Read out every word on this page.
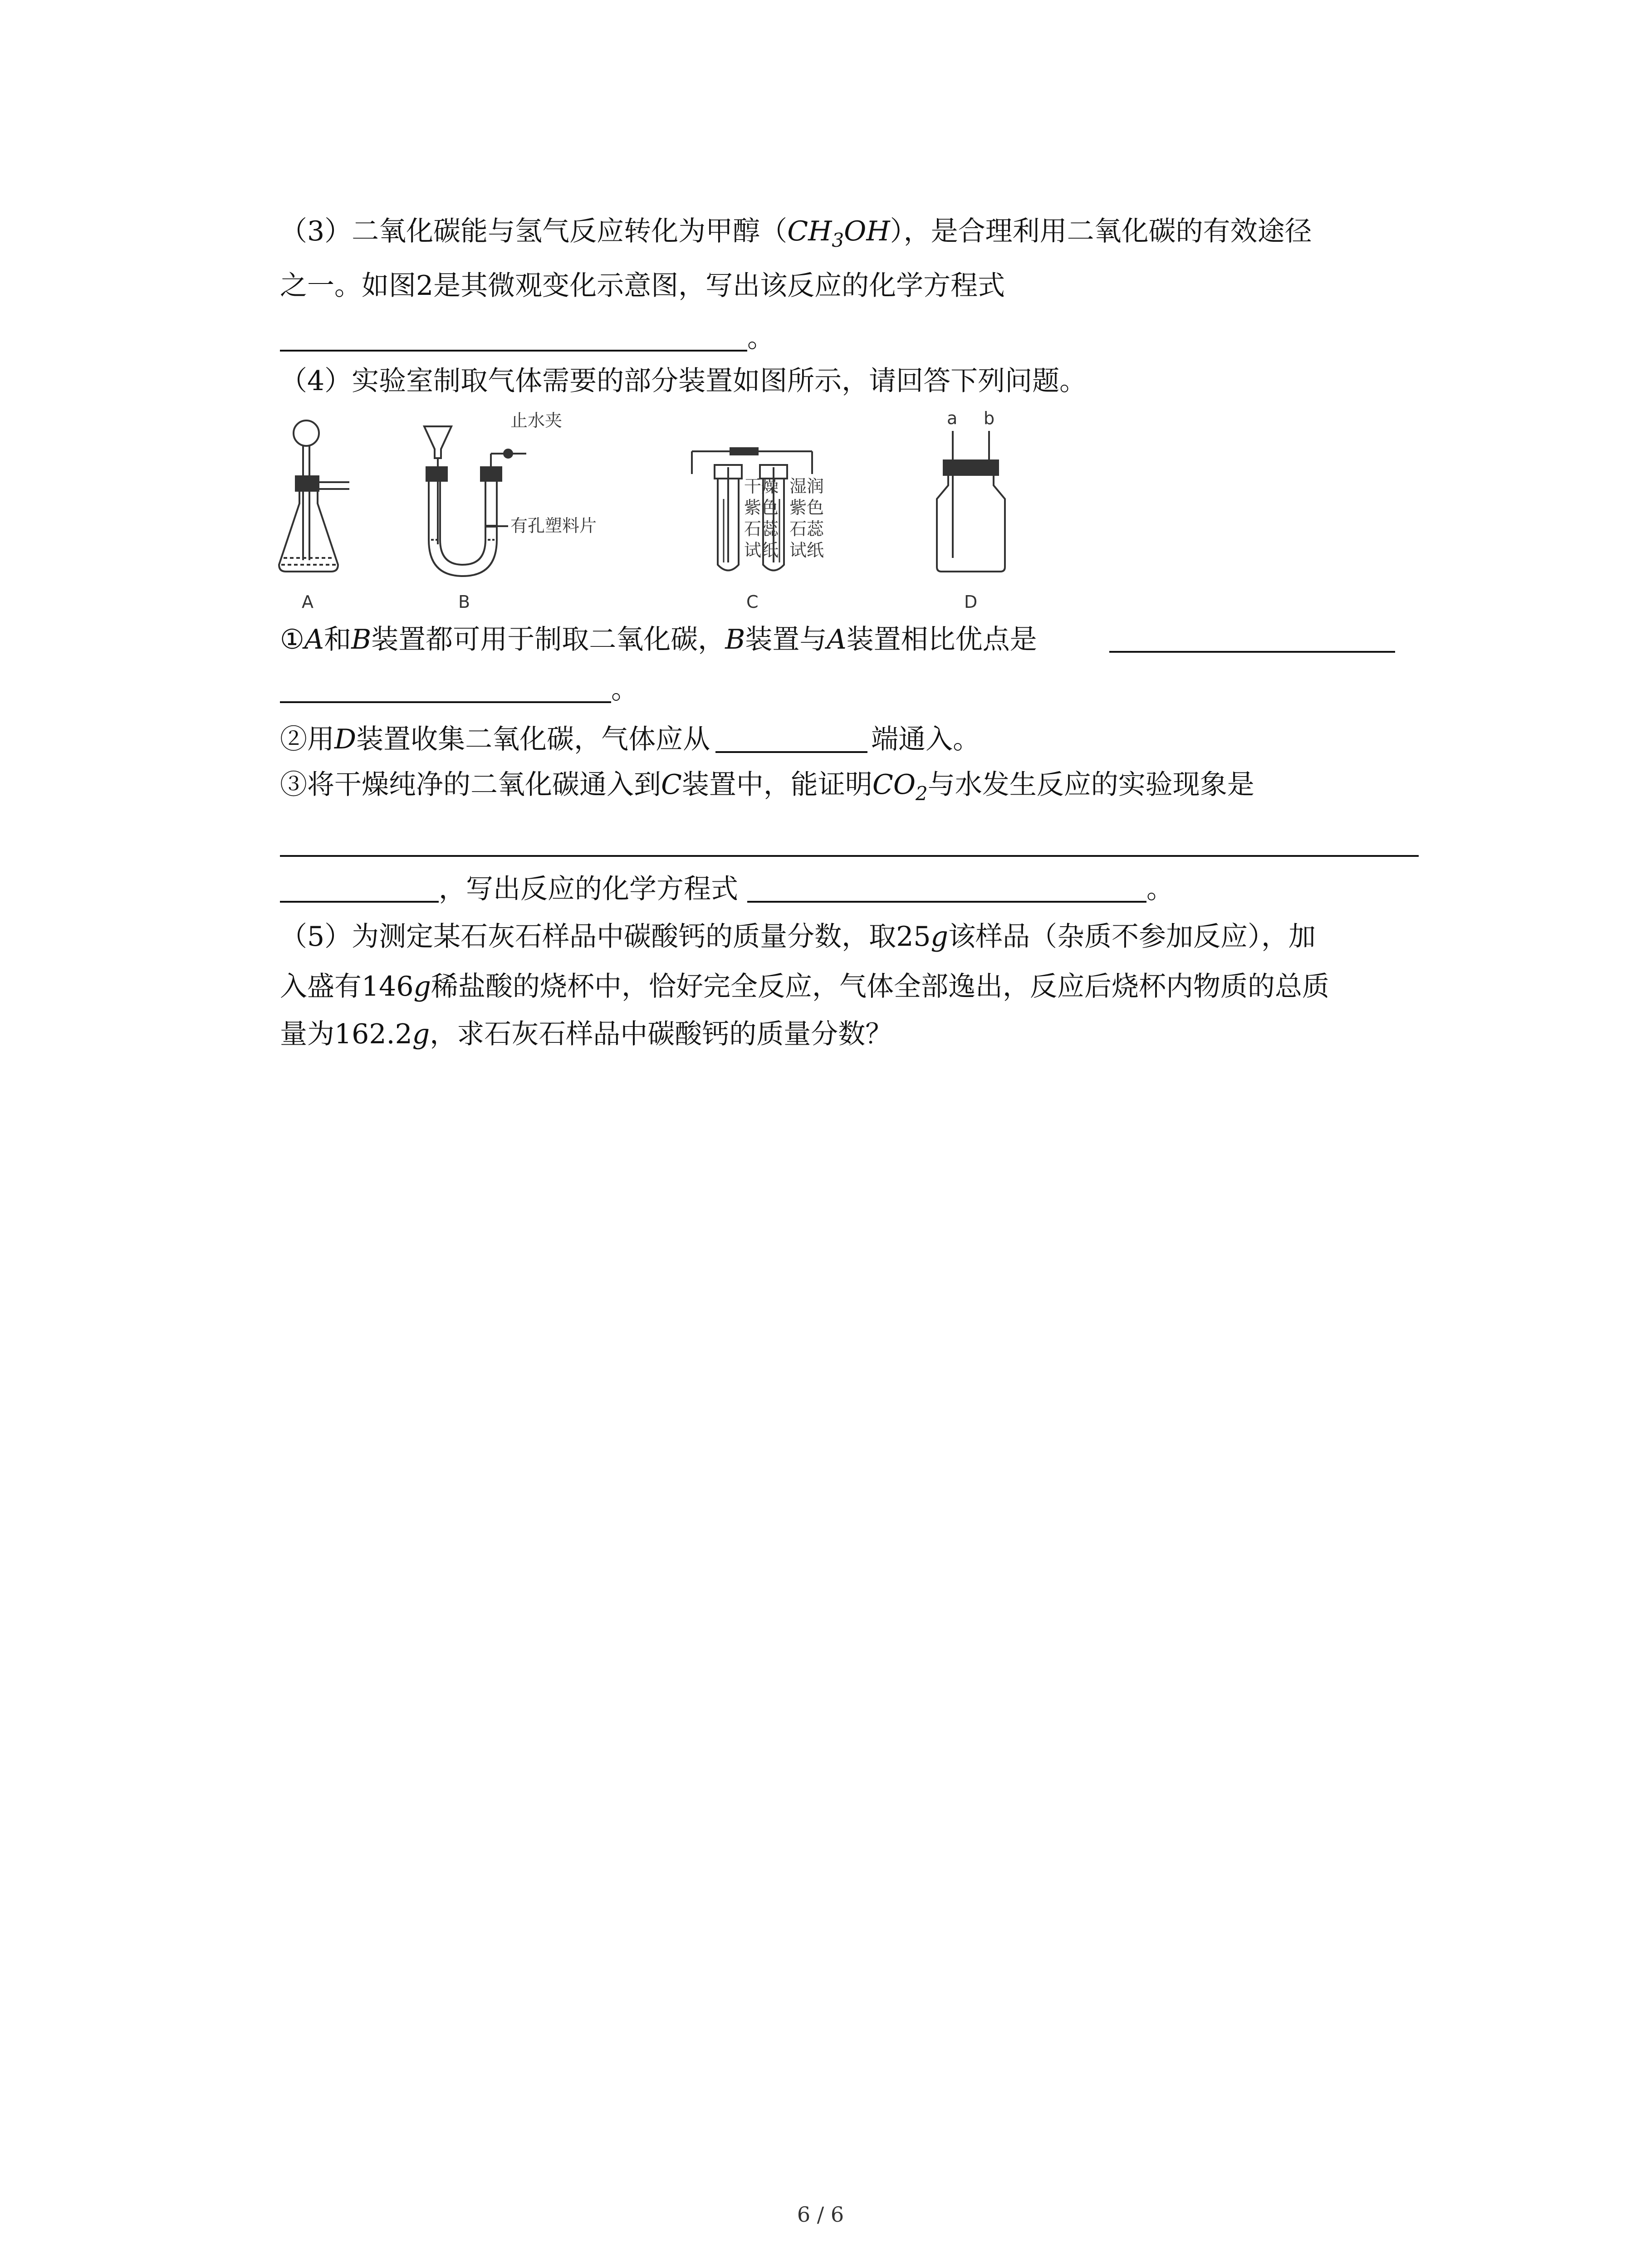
（3）二氧化碳能与氢气反应转化为甲醇$(CH_3OH)$，是合理利用二氧化碳的有效途径
之一。如图2是其微观变化示意图，写出该反应的化学方程式
。
（4）实验室制取气体需要的部分装置如图所示，请回答下列问题。
A	B	C	D
止水夹
有孔塑料片
干燥
紫色
石蕊
试纸
湿润
紫色
石蕊
试纸
a b
①A和B装置都可用于制取二氧化碳，B装置与A装置相比优点是
。
②用D装置收集二氧化碳，气体应从	端通入。
③将干燥纯净的二氧化碳通入到C装置中，能证明$CO_2$与水发生反应的实验现象是
，写出反应的化学方程式	。
（5）为测定某石灰石样品中碳酸钙的质量分数，取25g该样品（杂质不参加反应），加
入盛有146g稀盐酸的烧杯中，恰好完全反应，气体全部逸出，反应后烧杯内物质的总质
量为162.2g，求石灰石样品中碳酸钙的质量分数？
6 / 6
